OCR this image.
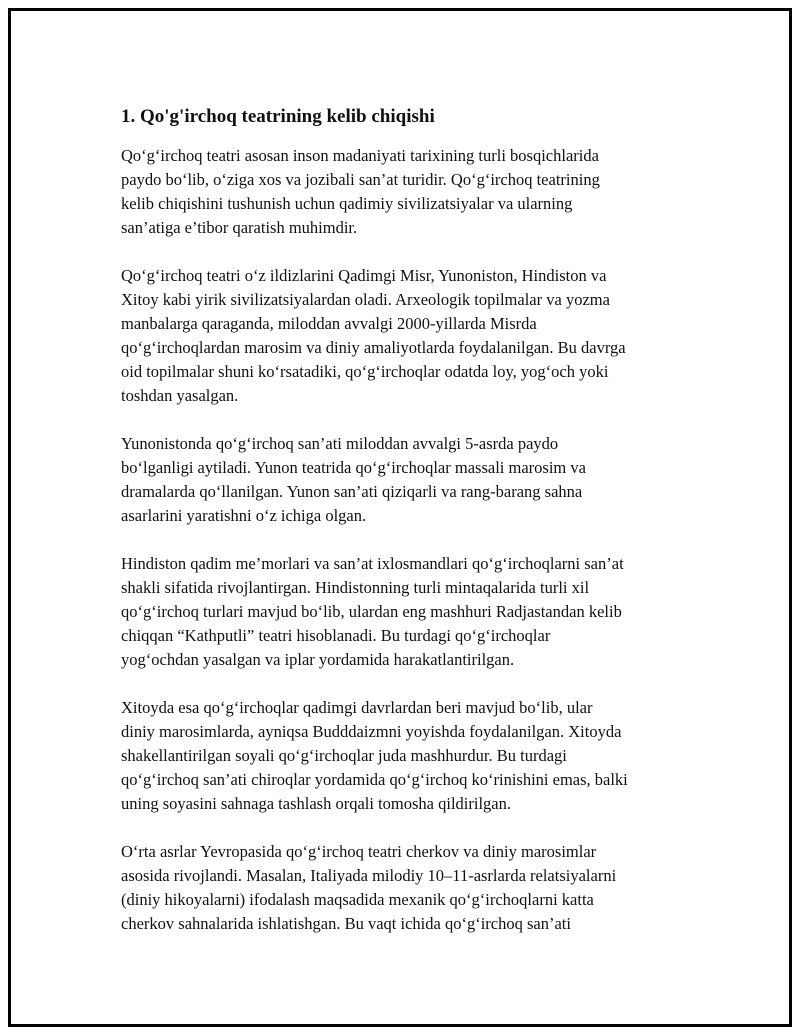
1. Qo'g'irchoq teatrining kelib chiqishi

Qo‘g‘irchoq teatri asosan inson madaniyati tarixining turli bosqichlarida
paydo bo‘lib, o‘ziga xos va jozibali san’at turidir. Qo‘g‘irchoq teatrining
kelib chiqishini tushunish uchun qadimiy sivilizatsiyalar va ularning
san’atiga e’tibor qaratish muhimdir.

Qo‘g‘irchoq teatri o‘z ildizlarini Qadimgi Misr, Yunoniston, Hindiston va
Xitoy kabi yirik sivilizatsiyalardan oladi. Arxeologik topilmalar va yozma
manbalarga qaraganda, miloddan avvalgi 2000-yillarda Misrda
qo‘g‘irchoqlardan marosim va diniy amaliyotlarda foydalanilgan. Bu davrga
oid topilmalar shuni ko‘rsatadiki, qo‘g‘irchoqlar odatda loy, yog‘och yoki
toshdan yasalgan.

Yunonistonda qo‘g‘irchoq san’ati miloddan avvalgi 5-asrda paydo
bo‘lganligi aytiladi. Yunon teatrida qo‘g‘irchoqlar massali marosim va
dramalarda qo‘llanilgan. Yunon san’ati qiziqarli va rang-barang sahna
asarlarini yaratishni o‘z ichiga olgan.

Hindiston qadim me’morlari va san’at ixlosmandlari qo‘g‘irchoqlarni san’at
shakli sifatida rivojlantirgan. Hindistonning turli mintaqalarida turli xil
qo‘g‘irchoq turlari mavjud bo‘lib, ulardan eng mashhuri Radjastandan kelib
chiqqan “Kathputli” teatri hisoblanadi. Bu turdagi qo‘g‘irchoqlar
yog‘ochdan yasalgan va iplar yordamida harakatlantirilgan.

Xitoyda esa qo‘g‘irchoqlar qadimgi davrlardan beri mavjud bo‘lib, ular
diniy marosimlarda, ayniqsa Budddaizmni yoyishda foydalanilgan. Xitoyda
shakellantirilgan soyali qo‘g‘irchoqlar juda mashhurdur. Bu turdagi
qo‘g‘irchoq san’ati chiroqlar yordamida qo‘g‘irchoq ko‘rinishini emas, balki
uning soyasini sahnaga tashlash orqali tomosha qildirilgan.

O‘rta asrlar Yevropasida qo‘g‘irchoq teatri cherkov va diniy marosimlar
asosida rivojlandi. Masalan, Italiyada milodiy 10–11-asrlarda relatsiyalarni
(diniy hikoyalarni) ifodalash maqsadida mexanik qo‘g‘irchoqlarni katta
cherkov sahnalarida ishlatishgan. Bu vaqt ichida qo‘g‘irchoq san’ati
